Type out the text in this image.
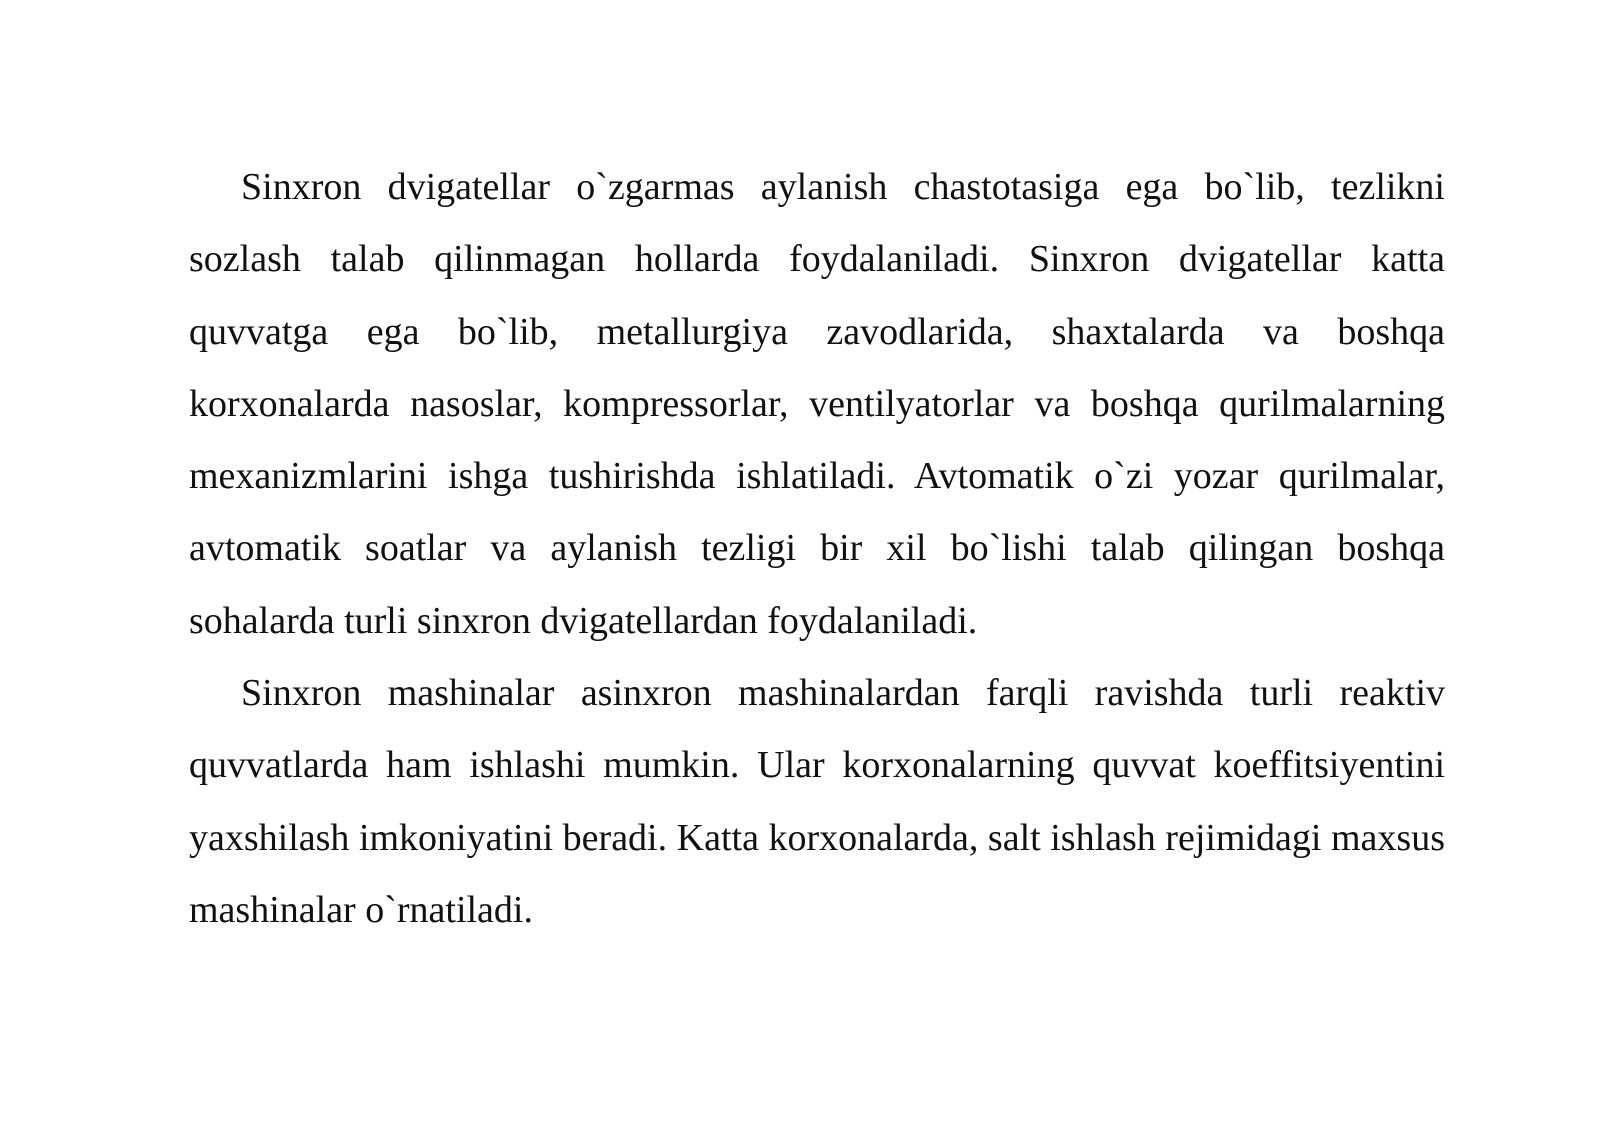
Sinxron dvigatellar o`zgarmas aylanish chastotasiga ega bo`lib, tezlikni sozlash talab qilinmagan hollarda foydalaniladi. Sinxron dvigatellar katta quvvatga ega bo`lib, metallurgiya zavodlarida, shaxtalarda va boshqa korxonalarda nasoslar, kompressorlar, ventilyatorlar va boshqa qurilmalarning mexanizmlarini ishga tushirishda ishlatiladi. Avtomatik o`zi yozar qurilmalar, avtomatik soatlar va aylanish tezligi bir xil bo`lishi talab qilingan boshqa sohalarda turli sinxron dvigatellardan foydalaniladi.

Sinxron mashinalar asinxron mashinalardan farqli ravishda turli reaktiv quvvatlarda ham ishlashi mumkin. Ular korxonalarning quvvat koeffitsiyentini yaxshilash imkoniyatini beradi. Katta korxonalarda, salt ishlash rejimidagi maxsus mashinalar o`rnatiladi.
